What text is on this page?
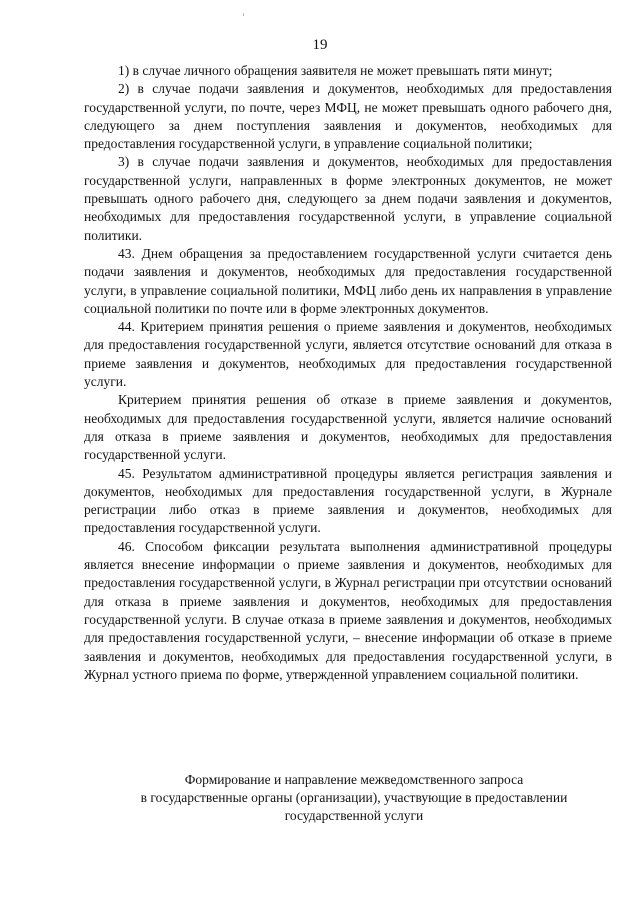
19

1) в случае личного обращения заявителя не может превышать пяти минут;

2) в случае подачи заявления и документов, необходимых для предоставления государственной услуги, по почте, через МФЦ, не может превышать одного рабочего дня, следующего за днем поступления заявления и документов, необходимых для предоставления государственной услуги, в управление социальной политики;

3) в случае подачи заявления и документов, необходимых для предоставления государственной услуги, направленных в форме электронных документов, не может превышать одного рабочего дня, следующего за днем подачи заявления и документов, необходимых для предоставления государственной услуги, в управление социальной политики.

43. Днем обращения за предоставлением государственной услуги считается день подачи заявления и документов, необходимых для предоставления государственной услуги, в управление социальной политики, МФЦ либо день их направления в управление социальной политики по почте или в форме электронных документов.

44. Критерием принятия решения о приеме заявления и документов, необходимых для предоставления государственной услуги, является отсутствие оснований для отказа в приеме заявления и документов, необходимых для предоставления государственной услуги.

Критерием принятия решения об отказе в приеме заявления и документов, необходимых для предоставления государственной услуги, является наличие оснований для отказа в приеме заявления и документов, необходимых для предоставления государственной услуги.

45. Результатом административной процедуры является регистрация заявления и документов, необходимых для предоставления государственной услуги, в Журнале регистрации либо отказ в приеме заявления и документов, необходимых для предоставления государственной услуги.

46. Способом фиксации результата выполнения административной процедуры является внесение информации о приеме заявления и документов, необходимых для предоставления государственной услуги, в Журнал регистрации при отсутствии оснований для отказа в приеме заявления и документов, необходимых для предоставления государственной услуги. В случае отказа в приеме заявления и документов, необходимых для предоставления государственной услуги, – внесение информации об отказе в приеме заявления и документов, необходимых для предоставления государственной услуги, в Журнал устного приема по форме, утвержденной управлением социальной политики.

Формирование и направление межведомственного запроса
в государственные органы (организации), участвующие в предоставлении
государственной услуги
